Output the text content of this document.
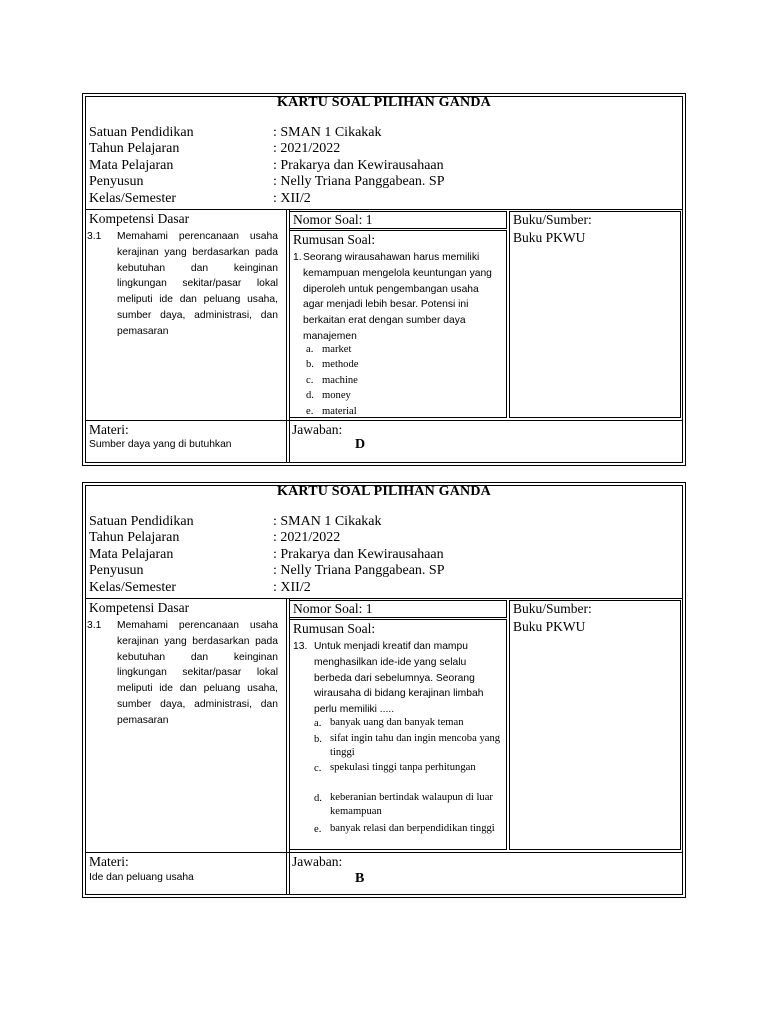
KARTU SOAL PILIHAN GANDA
Satuan Pendidikan	: SMAN 1 Cikakak
Tahun Pelajaran	: 2021/2022
Mata Pelajaran	: Prakarya dan Kewirausahaan
Penyusun	: Nelly Triana Panggabean. SP
Kelas/Semester	: XII/2
Kompetensi Dasar
3.1 Memahami perencanaan usaha kerajinan yang berdasarkan pada kebutuhan dan keinginan lingkungan sekitar/pasar lokal meliputi ide dan peluang usaha, sumber daya, administrasi, dan pemasaran
Nomor Soal: 1
Rumusan Soal:
1. Seorang wirausahawan harus memiliki kemampuan mengelola keuntungan yang diperoleh untuk pengembangan usaha agar menjadi lebih besar. Potensi ini berkaitan erat dengan sumber daya manajemen
a. market
b. methode
c. machine
d. money
e. material
Buku/Sumber:
Buku PKWU
Materi:
Sumber daya yang di butuhkan
Jawaban:
D
KARTU SOAL PILIHAN GANDA
Satuan Pendidikan	: SMAN 1 Cikakak
Tahun Pelajaran	: 2021/2022
Mata Pelajaran	: Prakarya dan Kewirausahaan
Penyusun	: Nelly Triana Panggabean. SP
Kelas/Semester	: XII/2
Kompetensi Dasar
3.1 Memahami perencanaan usaha kerajinan yang berdasarkan pada kebutuhan dan keinginan lingkungan sekitar/pasar lokal meliputi ide dan peluang usaha, sumber daya, administrasi, dan pemasaran
Nomor Soal: 1
Rumusan Soal:
13. Untuk menjadi kreatif dan mampu menghasilkan ide-ide yang selalu berbeda dari sebelumnya. Seorang wirausaha di bidang kerajinan limbah perlu memiliki .....
a. banyak uang dan banyak teman
b. sifat ingin tahu dan ingin mencoba yang tinggi
c. spekulasi tinggi tanpa perhitungan
d. keberanian bertindak walaupun di luar kemampuan
e. banyak relasi dan berpendidikan tinggi
Buku/Sumber:
Buku PKWU
Materi:
Ide dan peluang usaha
Jawaban:
B
